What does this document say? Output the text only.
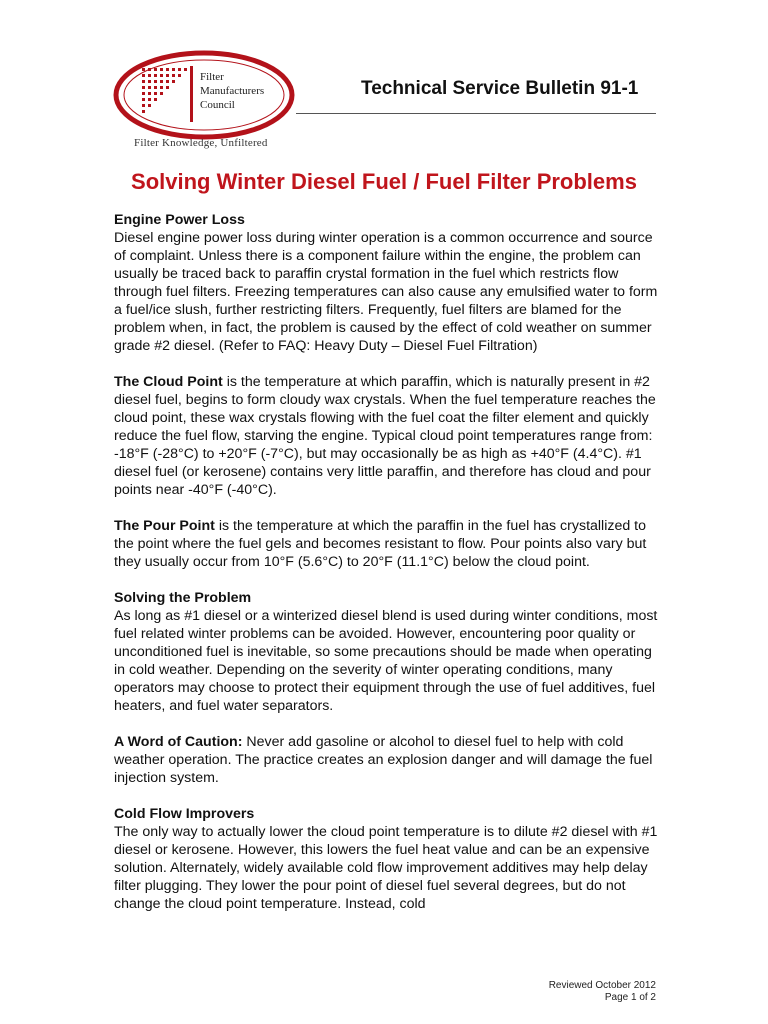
Filter
Manufacturers
Council
Filter Knowledge, Unfiltered
Technical Service Bulletin 91-1
Solving Winter Diesel Fuel / Fuel Filter Problems
Engine Power Loss
Diesel engine power loss during winter operation is a common occurrence and source of complaint. Unless there is a component failure within the engine, the problem can usually be traced back to paraffin crystal formation in the fuel which restricts flow through fuel filters. Freezing temperatures can also cause any emulsified water to form a fuel/ice slush, further restricting filters. Frequently, fuel filters are blamed for the problem when, in fact, the problem is caused by the effect of cold weather on summer grade #2 diesel. (Refer to FAQ: Heavy Duty – Diesel Fuel Filtration)
The Cloud Point is the temperature at which paraffin, which is naturally present in #2 diesel fuel, begins to form cloudy wax crystals. When the fuel temperature reaches the cloud point, these wax crystals flowing with the fuel coat the filter element and quickly reduce the fuel flow, starving the engine. Typical cloud point temperatures range from: -18°F (-28°C) to +20°F (-7°C), but may occasionally be as high as +40°F (4.4°C). #1 diesel fuel (or kerosene) contains very little paraffin, and therefore has cloud and pour points near -40°F (-40°C).
The Pour Point is the temperature at which the paraffin in the fuel has crystallized to the point where the fuel gels and becomes resistant to flow. Pour points also vary but they usually occur from 10°F (5.6°C) to 20°F (11.1°C) below the cloud point.
Solving the Problem
As long as #1 diesel or a winterized diesel blend is used during winter conditions, most fuel related winter problems can be avoided. However, encountering poor quality or unconditioned fuel is inevitable, so some precautions should be made when operating in cold weather. Depending on the severity of winter operating conditions, many operators may choose to protect their equipment through the use of fuel additives, fuel heaters, and fuel water separators.
A Word of Caution: Never add gasoline or alcohol to diesel fuel to help with cold weather operation. The practice creates an explosion danger and will damage the fuel injection system.
Cold Flow Improvers
The only way to actually lower the cloud point temperature is to dilute #2 diesel with #1 diesel or kerosene. However, this lowers the fuel heat value and can be an expensive solution. Alternately, widely available cold flow improvement additives may help delay filter plugging. They lower the pour point of diesel fuel several degrees, but do not change the cloud point temperature. Instead, cold
Reviewed October 2012
Page 1 of 2
